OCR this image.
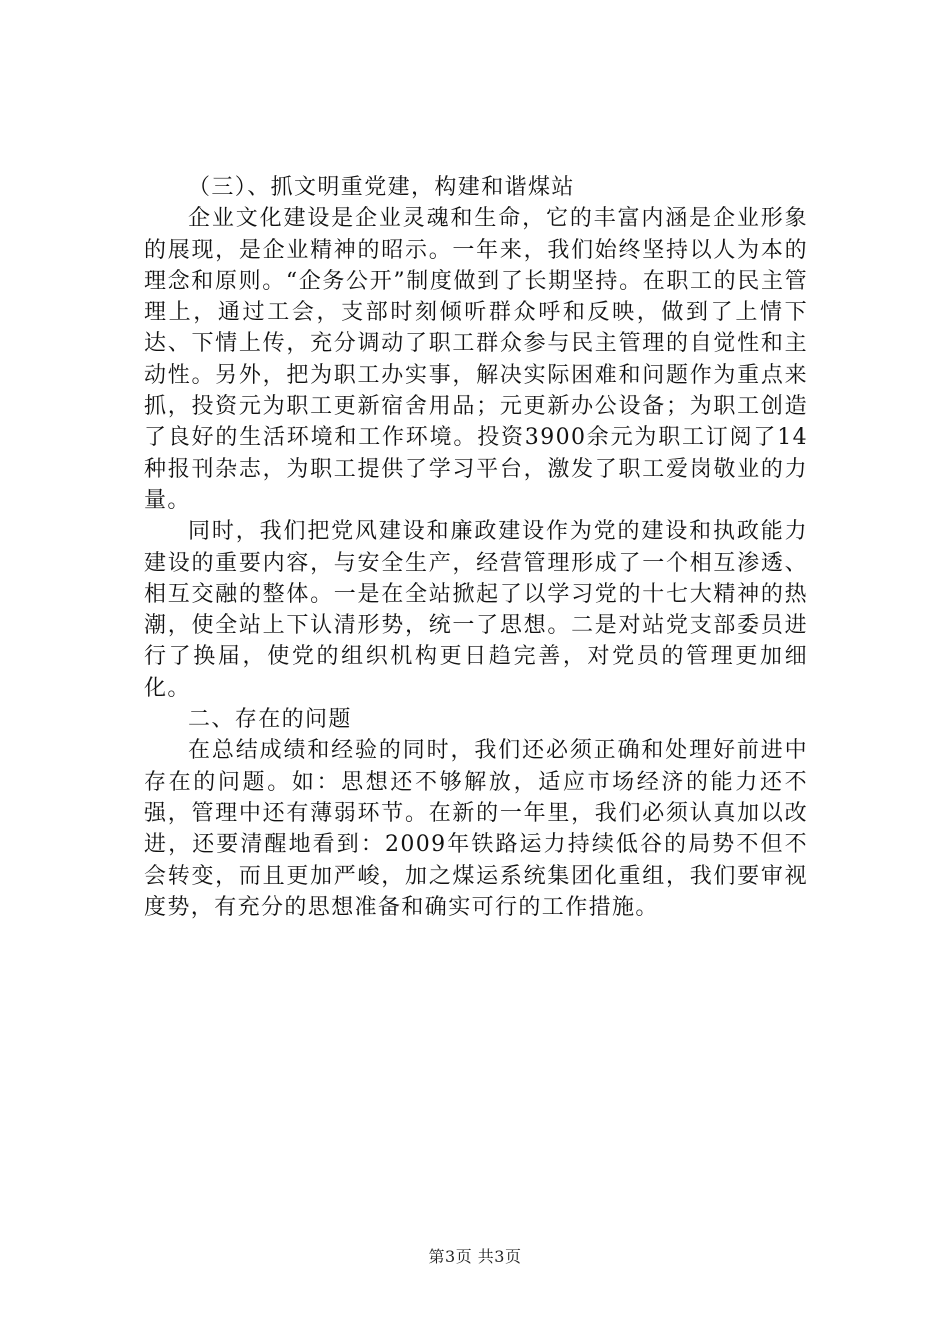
（三）、抓文明重党建，构建和谐煤站

企业文化建设是企业灵魂和生命，它的丰富内涵是企业形象的展现，是企业精神的昭示。一年来，我们始终坚持以人为本的理念和原则。“企务公开”制度做到了长期坚持。在职工的民主管理上，通过工会，支部时刻倾听群众呼和反映，做到了上情下达、下情上传，充分调动了职工群众参与民主管理的自觉性和主动性。另外，把为职工办实事，解决实际困难和问题作为重点来抓，投资元为职工更新宿舍用品；元更新办公设备；为职工创造了良好的生活环境和工作环境。投资3900余元为职工订阅了14种报刊杂志，为职工提供了学习平台，激发了职工爱岗敬业的力量。

同时，我们把党风建设和廉政建设作为党的建设和执政能力建设的重要内容，与安全生产，经营管理形成了一个相互渗透、相互交融的整体。一是在全站掀起了以学习党的十七大精神的热潮，使全站上下认清形势，统一了思想。二是对站党支部委员进行了换届，使党的组织机构更日趋完善，对党员的管理更加细化。

二、存在的问题

在总结成绩和经验的同时，我们还必须正确和处理好前进中存在的问题。如：思想还不够解放，适应市场经济的能力还不强，管理中还有薄弱环节。在新的一年里，我们必须认真加以改进，还要清醒地看到：2009年铁路运力持续低谷的局势不但不会转变，而且更加严峻，加之煤运系统集团化重组，我们要审视度势，有充分的思想准备和确实可行的工作措施。

第3页 共3页
